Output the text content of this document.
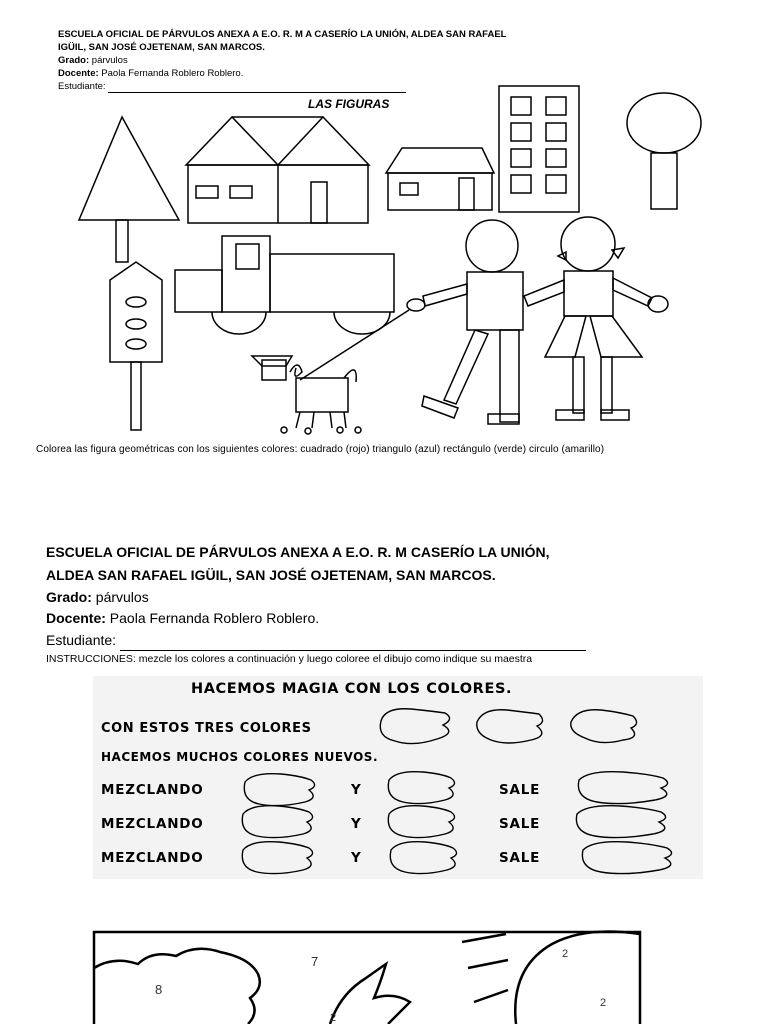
ESCUELA OFICIAL DE PÁRVULOS ANEXA A E.O. R. M A CASERÍO LA UNIÓN, ALDEA SAN RAFAEL
IGÜIL, SAN JOSÉ OJETENAM, SAN MARCOS.
Grado: párvulos
Docente: Paola Fernanda Roblero Roblero.
Estudiante:
LAS FIGURAS
Colorea las figura geométricas con los siguientes colores: cuadrado (rojo) triangulo (azul) rectángulo (verde) circulo (amarillo)
ESCUELA OFICIAL DE PÁRVULOS ANEXA A E.O. R. M CASERÍO LA UNIÓN,
ALDEA SAN RAFAEL IGÜIL, SAN JOSÉ OJETENAM, SAN MARCOS.
Grado: párvulos
Docente: Paola Fernanda Roblero Roblero.
Estudiante:
INSTRUCCIONES: mezcle los colores a continuación y luego coloree el dibujo como indique su maestra
HACEMOS MAGIA CON LOS COLORES.
CON ESTOS TRES COLORES
HACEMOS MUCHOS COLORES NUEVOS.
MEZCLANDO	Y	SALE
MEZCLANDO	Y	SALE
MEZCLANDO	Y	SALE
8
7
2
2
2
